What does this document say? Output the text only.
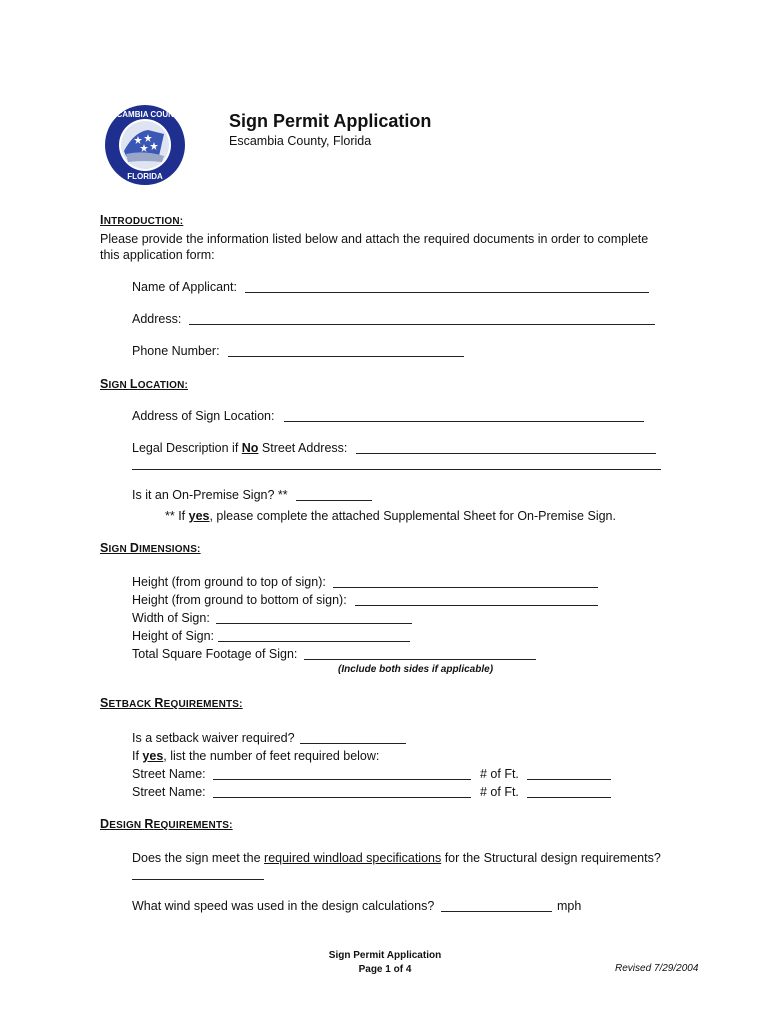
ESCAMBIA COUNTY
FLORIDA
Sign Permit Application
Escambia County, Florida
INTRODUCTION:
Please provide the information listed below and attach the required documents in order to complete
this application form:
Name of Applicant:
Address:
Phone Number:
SIGN LOCATION:
Address of Sign Location:
Legal Description if No Street Address:
Is it an On-Premise Sign? **
** If yes, please complete the attached Supplemental Sheet for On-Premise Sign.
SIGN DIMENSIONS:
Height (from ground to top of sign):
Height (from ground to bottom of sign):
Width of Sign:
Height of Sign:
Total Square Footage of Sign:
(Include both sides if applicable)
SETBACK REQUIREMENTS:
Is a setback waiver required?
If yes, list the number of feet required below:
Street Name:	# of Ft.
Street Name:	# of Ft.
DESIGN REQUIREMENTS:
Does the sign meet the required windload specifications for the Structural design requirements?
What wind speed was used in the design calculations?	mph
Sign Permit Application
Page 1 of 4	Revised 7/29/2004
